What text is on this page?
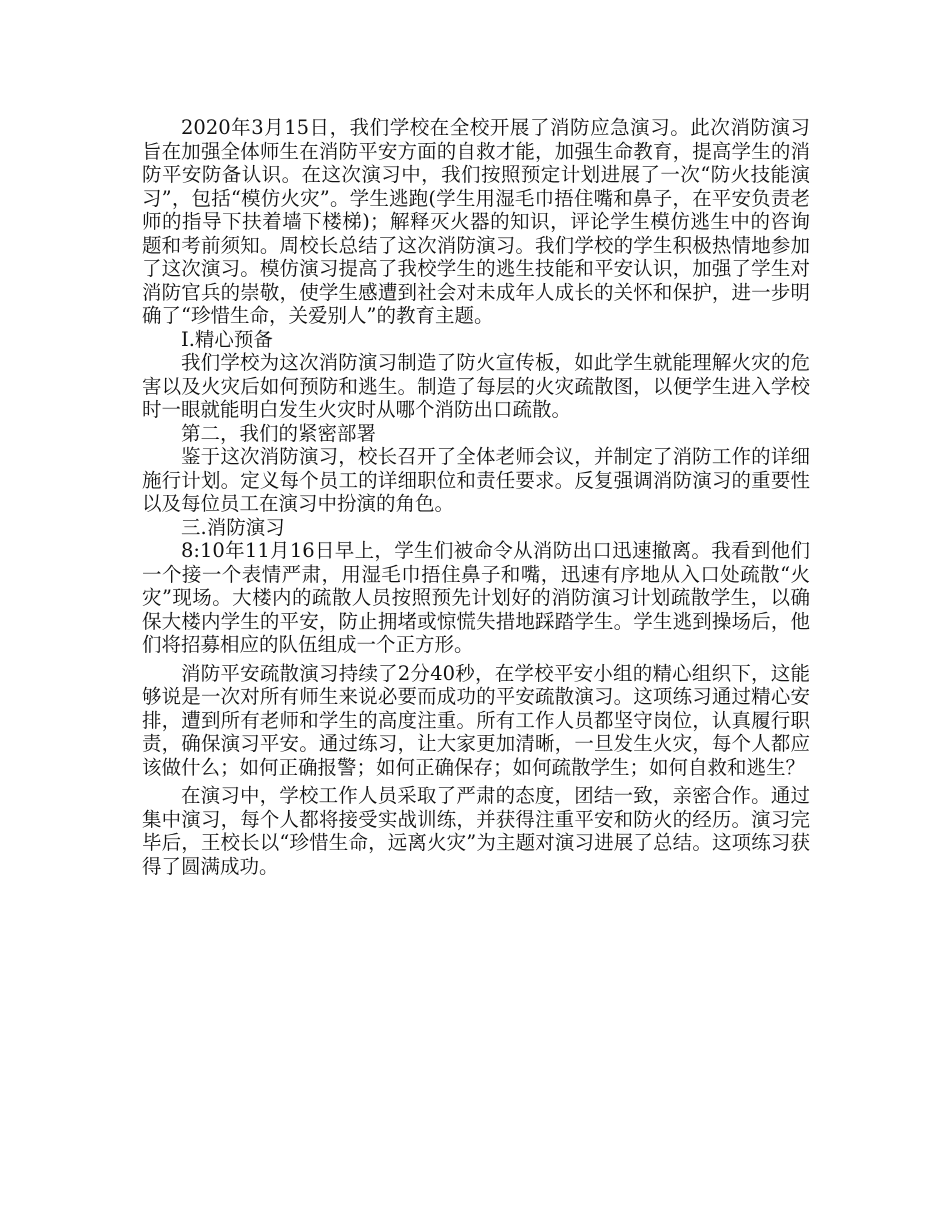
2020年3月15日，我们学校在全校开展了消防应急演习。此次消防演习旨在加强全体师生在消防平安方面的自救才能，加强生命教育，提高学生的消防平安防备认识。在这次演习中，我们按照预定计划进展了一次“防火技能演习”，包括“模仿火灾”。学生逃跑(学生用湿毛巾捂住嘴和鼻子，在平安负责老师的指导下扶着墙下楼梯)；解释灭火器的知识，评论学生模仿逃生中的咨询题和考前须知。周校长总结了这次消防演习。我们学校的学生积极热情地参加了这次演习。模仿演习提高了我校学生的逃生技能和平安认识，加强了学生对消防官兵的崇敬，使学生感遭到社会对未成年人成长的关怀和保护，进一步明确了“珍惜生命，关爱别人”的教育主题。

I.精心预备

我们学校为这次消防演习制造了防火宣传板，如此学生就能理解火灾的危害以及火灾后如何预防和逃生。制造了每层的火灾疏散图，以便学生进入学校时一眼就能明白发生火灾时从哪个消防出口疏散。

第二，我们的紧密部署

鉴于这次消防演习，校长召开了全体老师会议，并制定了消防工作的详细施行计划。定义每个员工的详细职位和责任要求。反复强调消防演习的重要性以及每位员工在演习中扮演的角色。

三.消防演习

8:10年11月16日早上，学生们被命令从消防出口迅速撤离。我看到他们一个接一个表情严肃，用湿毛巾捂住鼻子和嘴，迅速有序地从入口处疏散“火灾”现场。大楼内的疏散人员按照预先计划好的消防演习计划疏散学生，以确保大楼内学生的平安，防止拥堵或惊慌失措地踩踏学生。学生逃到操场后，他们将招募相应的队伍组成一个正方形。

消防平安疏散演习持续了2分40秒，在学校平安小组的精心组织下，这能够说是一次对所有师生来说必要而成功的平安疏散演习。这项练习通过精心安排，遭到所有老师和学生的高度注重。所有工作人员都坚守岗位，认真履行职责，确保演习平安。通过练习，让大家更加清晰，一旦发生火灾，每个人都应该做什么；如何正确报警；如何正确保存；如何疏散学生；如何自救和逃生？

在演习中，学校工作人员采取了严肃的态度，团结一致，亲密合作。通过集中演习，每个人都将接受实战训练，并获得注重平安和防火的经历。演习完毕后，王校长以“珍惜生命，远离火灾”为主题对演习进展了总结。这项练习获得了圆满成功。
